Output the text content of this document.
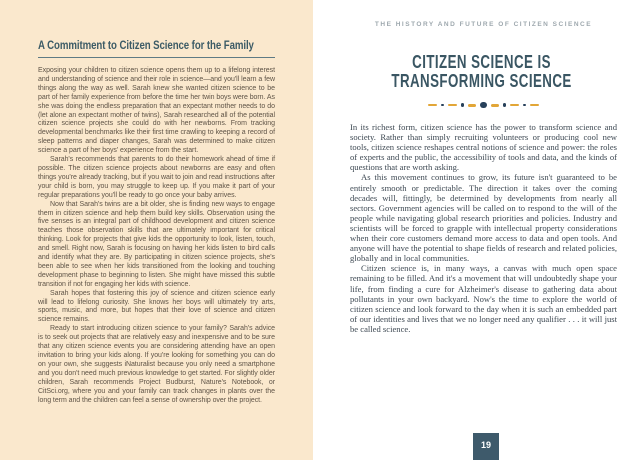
A Commitment to Citizen Science for the Family

Exposing your children to citizen science opens them up to a lifelong interest and understanding of science and their role in science—and you'll learn a few things along the way as well. Sarah knew she wanted citizen science to be part of her family experience from before the time her twin boys were born. As she was doing the endless preparation that an expectant mother needs to do (let alone an expectant mother of twins), Sarah researched all of the potential citizen science projects she could do with her newborns. From tracking developmental benchmarks like their first time crawling to keeping a record of sleep patterns and diaper changes, Sarah was determined to make citizen science a part of her boys' experience from the start.

Sarah's recommends that parents to do their homework ahead of time if possible. The citizen science projects about newborns are easy and often things you're already tracking, but if you wait to join and read instructions after your child is born, you may struggle to keep up. If you make it part of your regular preparations you'll be ready to go once your baby arrives.

Now that Sarah's twins are a bit older, she is finding new ways to engage them in citizen science and help them build key skills. Observation using the five senses is an integral part of childhood development and citizen science teaches those observation skills that are ultimately important for critical thinking. Look for projects that give kids the opportunity to look, listen, touch, and smell. Right now, Sarah is focusing on having her kids listen to bird calls and identify what they are. By participating in citizen science projects, she's been able to see when her kids transitioned from the looking and touching development phase to beginning to listen. She might have missed this subtle transition if not for engaging her kids with science.

Sarah hopes that fostering this joy of science and citizen science early will lead to lifelong curiosity. She knows her boys will ultimately try arts, sports, music, and more, but hopes that their love of science and citizen science remains.

Ready to start introducing citizen science to your family? Sarah's advice is to seek out projects that are relatively easy and inexpensive and to be sure that any citizen science events you are considering attending have an open invitation to bring your kids along. If you're looking for something you can do on your own, she suggests iNaturalist because you only need a smartphone and you don't need much previous knowledge to get started. For slightly older children, Sarah recommends Project Budburst, Nature's Notebook, or CitSci.org, where you and your family can track changes in plants over the long term and the children can feel a sense of ownership over the project.

THE HISTORY AND FUTURE OF CITIZEN SCIENCE
CITIZEN SCIENCE IS
TRANSFORMING SCIENCE

In its richest form, citizen science has the power to transform science and society. Rather than simply recruiting volunteers or producing cool new tools, citizen science reshapes central notions of science and power: the roles of experts and the public, the accessibility of tools and data, and the kinds of questions that are worth asking.

As this movement continues to grow, its future isn't guaranteed to be entirely smooth or predictable. The direction it takes over the coming decades will, fittingly, be determined by developments from nearly all sectors. Government agencies will be called on to respond to the will of the people while navigating global research priorities and policies. Industry and scientists will be forced to grapple with intellectual property considerations when their core customers demand more access to data and open tools. And anyone will have the potential to shape fields of research and related policies, globally and in local communities.

Citizen science is, in many ways, a canvas with much open space remaining to be filled. And it's a movement that will undoubtedly shape your life, from finding a cure for Alzheimer's disease to gathering data about pollutants in your own backyard. Now's the time to explore the world of citizen science and look forward to the day when it is such an embedded part of our identities and lives that we no longer need any qualifier . . . it will just be called science.

19
